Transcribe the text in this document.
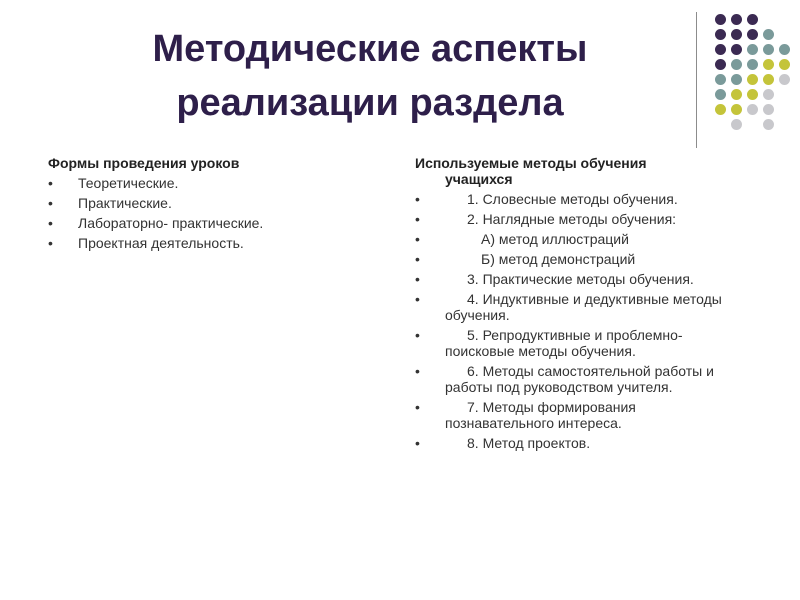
Методические аспекты
реализации раздела
Формы проведения уроков
• Теоретические.
• Практические.
• Лабораторно- практические.
• Проектная деятельность.
Используемые методы обучения
учащихся
•	1. Словесные методы обучения.
•	2. Наглядные методы обучения:
•	А) метод иллюстраций
•	Б) метод демонстраций
•	3. Практические методы обучения.
•	4. Индуктивные и дедуктивные методы обучения.
•	5. Репродуктивные и проблемно-поисковые методы обучения.
•	6. Методы самостоятельной работы и работы под руководством учителя.
•	7. Методы формирования познавательного интереса.
•	8. Метод проектов.
